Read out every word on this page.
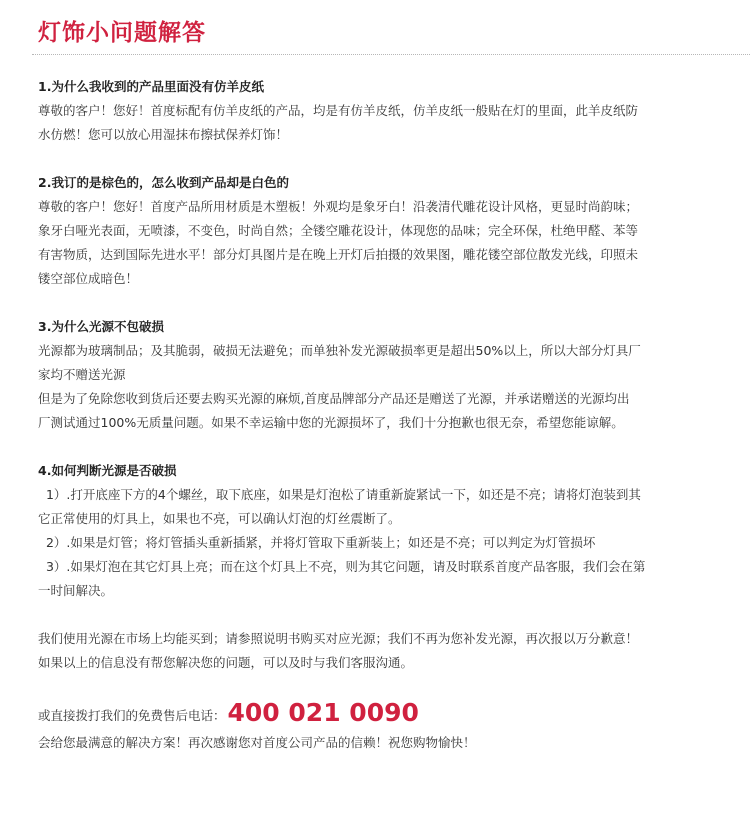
灯饰小问题解答

1.为什么我收到的产品里面没有仿羊皮纸

尊敬的客户！您好！首度标配有仿羊皮纸的产品，均是有仿羊皮纸，仿羊皮纸一般贴在灯的里面，此羊皮纸防

水仿燃！您可以放心用湿抹布擦拭保养灯饰！

2.我订的是棕色的，怎么收到产品却是白色的

尊敬的客户！您好！首度产品所用材质是木塑板！外观均是象牙白！沿袭清代雕花设计风格，更显时尚韵味；

象牙白哑光表面，无喷漆，不变色，时尚自然；全镂空雕花设计，体现您的品味；完全环保，杜绝甲醛、苯等

有害物质，达到国际先进水平！部分灯具图片是在晚上开灯后拍摄的效果图，雕花镂空部位散发光线，印照未

镂空部位成暗色！

3.为什么光源不包破损

光源都为玻璃制品；及其脆弱，破损无法避免；而单独补发光源破损率更是超出50%以上，所以大部分灯具厂

家均不赠送光源

但是为了免除您收到货后还要去购买光源的麻烦,首度品牌部分产品还是赠送了光源，并承诺赠送的光源均出

厂测试通过100%无质量问题。如果不幸运输中您的光源损坏了，我们十分抱歉也很无奈，希望您能谅解。

4.如何判断光源是否破损

1）.打开底座下方的4个螺丝，取下底座，如果是灯泡松了请重新旋紧试一下，如还是不亮；请将灯泡装到其

它正常使用的灯具上，如果也不亮，可以确认灯泡的灯丝震断了。

2）.如果是灯管；将灯管插头重新插紧，并将灯管取下重新装上；如还是不亮；可以判定为灯管损坏

3）.如果灯泡在其它灯具上亮；而在这个灯具上不亮，则为其它问题，请及时联系首度产品客服，我们会在第

一时间解决。

我们使用光源在市场上均能买到；请参照说明书购买对应光源；我们不再为您补发光源，再次报以万分歉意！

如果以上的信息没有帮您解决您的问题，可以及时与我们客服沟通。

或直接拨打我们的免费售后电话：400 021 0090

会给您最满意的解决方案！再次感谢您对首度公司产品的信赖！祝您购物愉快！
